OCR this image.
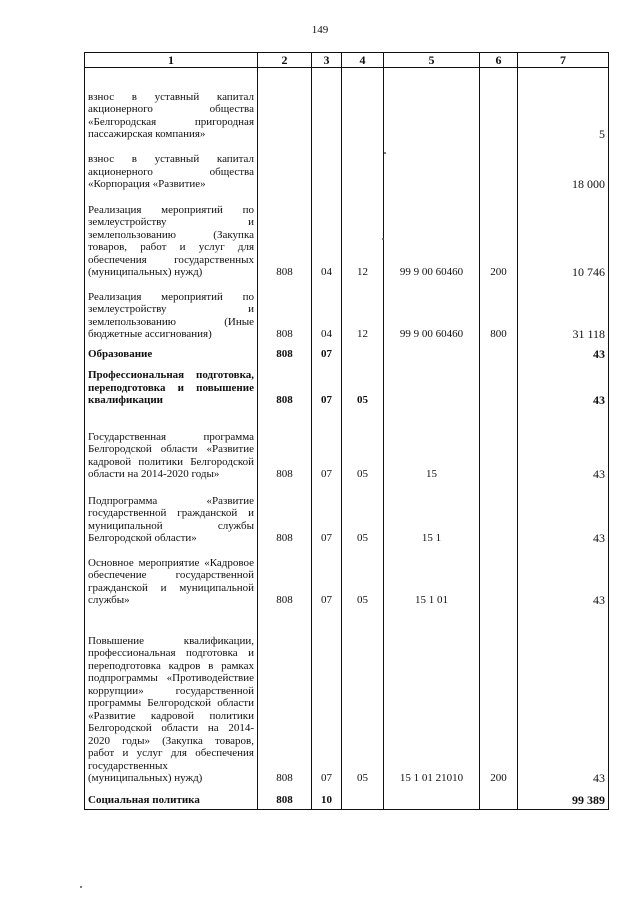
149
1	2	3	4	5	6	7
взнос в уставный капитал акционерного общества «Белгородская пригородная пассажирская компания»						5
взнос в уставный капитал акционерного общества «Корпорация «Развитие»						18 000
Реализация мероприятий по землеустройству и землепользованию (Закупка товаров, работ и услуг для обеспечения государственных (муниципальных) нужд)	808	04	12	99 9 00 60460	200	10 746
Реализация мероприятий по землеустройству и землепользованию (Иные бюджетные ассигнования)	808	04	12	99 9 00 60460	800	31 118
Образование	808	07				43
Профессиональная подготовка, переподготовка и повышение квалификации	808	07	05			43
Государственная программа Белгородской области «Развитие кадровой политики Белгородской области на 2014-2020 годы»	808	07	05	15		43
Подпрограмма «Развитие государственной гражданской и муниципальной службы Белгородской области»	808	07	05	15 1		43
Основное мероприятие «Кадровое обеспечение государственной гражданской и муниципальной службы»	808	07	05	15 1 01		43
Повышение квалификации, профессиональная подготовка и переподготовка кадров в рамках подпрограммы «Противодействие коррупции» государственной программы Белгородской области «Развитие кадровой политики Белгородской области на 2014-2020 годы» (Закупка товаров, работ и услуг для обеспечения государственных (муниципальных) нужд)	808	07	05	15 1 01 21010	200	43
Социальная политика	808	10				99 389
